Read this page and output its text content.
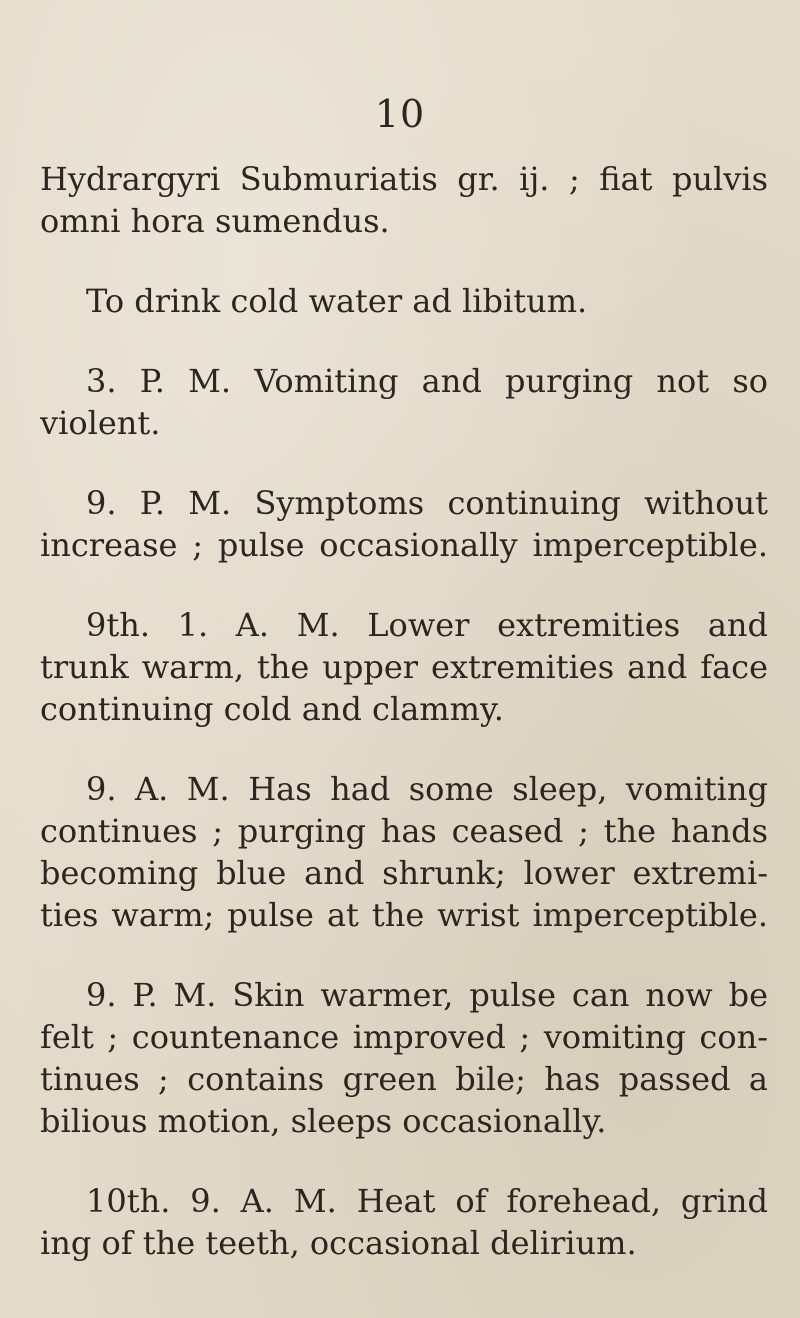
10

Hydrargyri Submuriatis gr. ij. ; fiat pulvis
omni hora sumendus.

To drink cold water ad libitum.

3. P. M. Vomiting and purging not so
violent.

9. P. M. Symptoms continuing without
increase ; pulse occasionally imperceptible.

9th. 1. A. M. Lower extremities and
trunk warm, the upper extremities and face
continuing cold and clammy.

9. A. M. Has had some sleep, vomiting
continues ; purging has ceased ; the hands
becoming blue and shrunk; lower extremi-
ties warm; pulse at the wrist imperceptible.

9. P. M. Skin warmer, pulse can now be
felt ; countenance improved ; vomiting con-
tinues ; contains green bile; has passed a
bilious motion, sleeps occasionally.

10th. 9. A. M. Heat of forehead, grind
ing of the teeth, occasional delirium.
